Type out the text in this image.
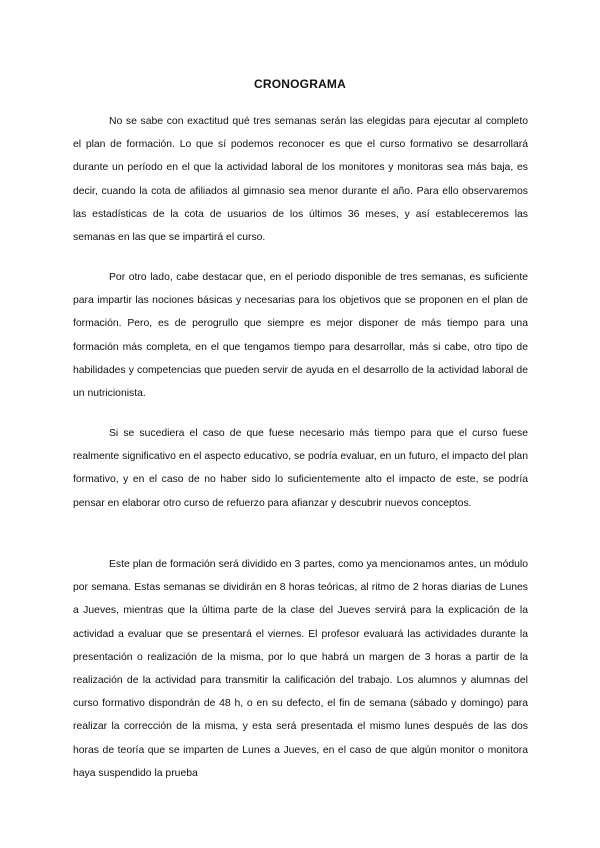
CRONOGRAMA

No se sabe con exactitud qué tres semanas serán las elegidas para ejecutar al completo el plan de formación. Lo que sí podemos reconocer es que el curso formativo se desarrollará durante un período en el que la actividad laboral de los monitores y monitoras sea más baja, es decir, cuando la cota de afiliados al gimnasio sea menor durante el año. Para ello observaremos las estadísticas de la cota de usuarios de los últimos 36 meses, y así estableceremos las semanas en las que se impartirá el curso.

Por otro lado, cabe destacar que, en el periodo disponible de tres semanas, es suficiente para impartir las nociones básicas y necesarias para los objetivos que se proponen en el plan de formación. Pero, es de perogrullo que siempre es mejor disponer de más tiempo para una formación más completa, en el que tengamos tiempo para desarrollar, más si cabe, otro tipo de habilidades y competencias que pueden servir de ayuda en el desarrollo de la actividad laboral de un nutricionista.

Si se sucediera el caso de que fuese necesario más tiempo para que el curso fuese realmente significativo en el aspecto educativo, se podría evaluar, en un futuro, el impacto del plan formativo, y en el caso de no haber sido lo suficientemente alto el impacto de este, se podría pensar en elaborar otro curso de refuerzo para afianzar y descubrir nuevos conceptos.

Este plan de formación será dividido en 3 partes, como ya mencionamos antes, un módulo por semana. Estas semanas se dividirán en 8 horas teóricas, al ritmo de 2 horas diarias de Lunes a Jueves, mientras que la última parte de la clase del Jueves servirá para la explicación de la actividad a evaluar que se presentará el viernes. El profesor evaluará las actividades durante la presentación o realización de la misma, por lo que habrá un margen de 3 horas a partir de la realización de la actividad para transmitir la calificación del trabajo. Los alumnos y alumnas del curso formativo dispondrán de 48 h, o en su defecto, el fin de semana (sábado y domingo) para realizar la corrección de la misma, y esta será presentada el mismo lunes después de las dos horas de teoría que se imparten de Lunes a Jueves, en el caso de que algún monitor o monitora haya suspendido la prueba
